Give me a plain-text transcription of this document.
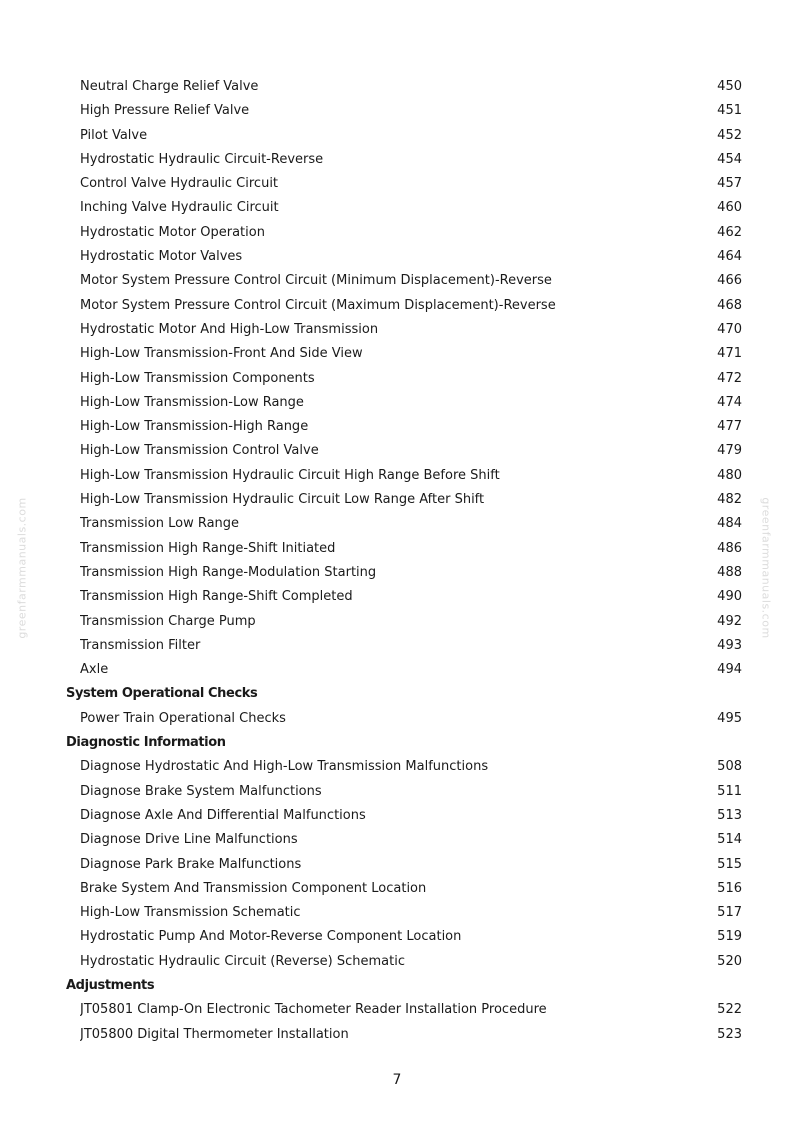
greenfarmmanuals.com	greenfarmmanuals.com
Neutral Charge Relief Valve	450
High Pressure Relief Valve	451
Pilot Valve	452
Hydrostatic Hydraulic Circuit-Reverse	454
Control Valve Hydraulic Circuit	457
Inching Valve Hydraulic Circuit	460
Hydrostatic Motor Operation	462
Hydrostatic Motor Valves	464
Motor System Pressure Control Circuit (Minimum Displacement)-Reverse	466
Motor System Pressure Control Circuit (Maximum Displacement)-Reverse	468
Hydrostatic Motor And High-Low Transmission	470
High-Low Transmission-Front And Side View	471
High-Low Transmission Components	472
High-Low Transmission-Low Range	474
High-Low Transmission-High Range	477
High-Low Transmission Control Valve	479
High-Low Transmission Hydraulic Circuit High Range Before Shift	480
High-Low Transmission Hydraulic Circuit Low Range After Shift	482
Transmission Low Range	484
Transmission High Range-Shift Initiated	486
Transmission High Range-Modulation Starting	488
Transmission High Range-Shift Completed	490
Transmission Charge Pump	492
Transmission Filter	493
Axle	494
System Operational Checks
Power Train Operational Checks	495
Diagnostic Information
Diagnose Hydrostatic And High-Low Transmission Malfunctions	508
Diagnose Brake System Malfunctions	511
Diagnose Axle And Differential Malfunctions	513
Diagnose Drive Line Malfunctions	514
Diagnose Park Brake Malfunctions	515
Brake System And Transmission Component Location	516
High-Low Transmission Schematic	517
Hydrostatic Pump And Motor-Reverse Component Location	519
Hydrostatic Hydraulic Circuit (Reverse) Schematic	520
Adjustments
JT05801 Clamp-On Electronic Tachometer Reader Installation Procedure	522
JT05800 Digital Thermometer Installation	523
7
